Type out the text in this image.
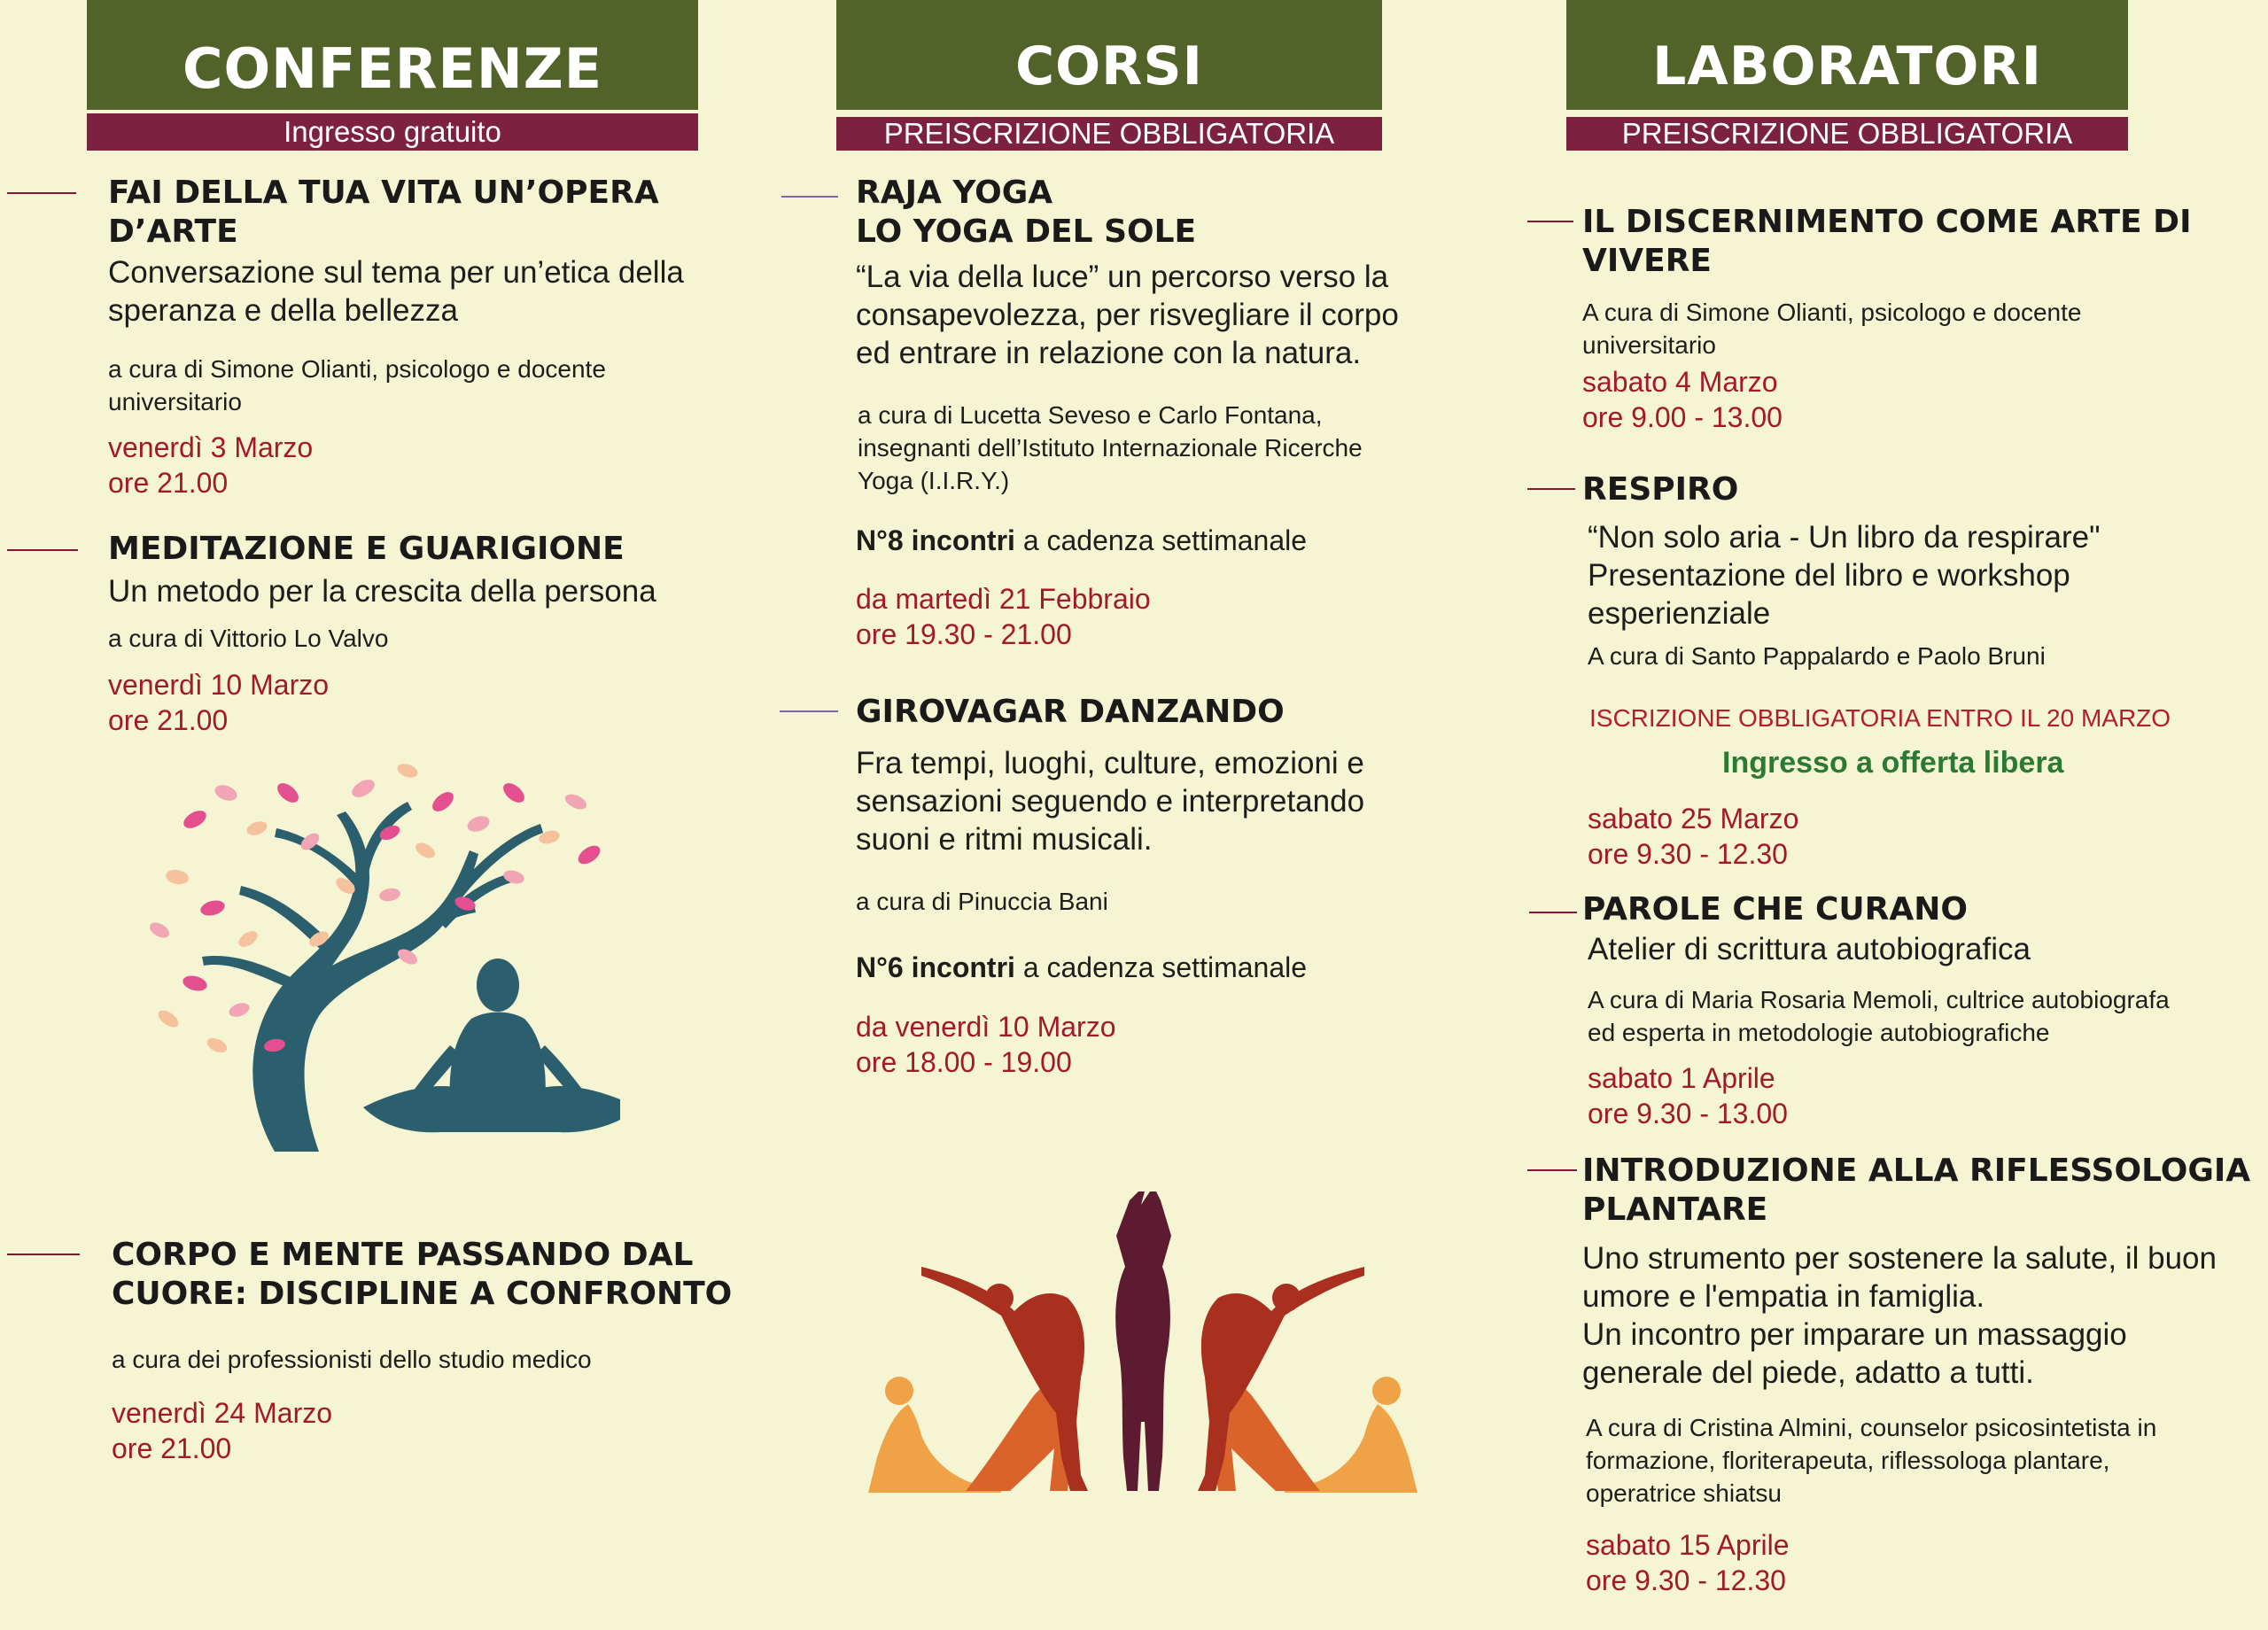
CONFERENZE
Ingresso gratuito
FAI DELLA TUA VITA UN’OPERA
D’ARTE
Conversazione sul tema per un’etica della
speranza e della bellezza
a cura di Simone Olianti, psicologo e docente
universitario
venerdì 3 Marzo
ore 21.00
MEDITAZIONE E GUARIGIONE
Un metodo per la crescita della persona
a cura di Vittorio Lo Valvo
venerdì 10 Marzo
ore 21.00
CORPO E MENTE PASSANDO DAL
CUORE: DISCIPLINE A CONFRONTO
a cura dei professionisti dello studio medico
venerdì 24 Marzo
ore 21.00
CORSI
PREISCRIZIONE OBBLIGATORIA
RAJA YOGA
LO YOGA DEL SOLE
“La via della luce” un percorso verso la
consapevolezza, per risvegliare il corpo
ed entrare in relazione con la natura.
a cura di Lucetta Seveso e Carlo Fontana,
insegnanti dell’Istituto Internazionale Ricerche
Yoga (I.I.R.Y.)
N°8 incontri a cadenza settimanale
da martedì 21 Febbraio
ore 19.30 - 21.00
GIROVAGAR DANZANDO
Fra tempi, luoghi, culture, emozioni e
sensazioni seguendo e interpretando
suoni e ritmi musicali.
a cura di Pinuccia Bani
N°6 incontri a cadenza settimanale
da venerdì 10 Marzo
ore 18.00 - 19.00
LABORATORI
PREISCRIZIONE OBBLIGATORIA
IL DISCERNIMENTO COME ARTE DI
VIVERE
A cura di Simone Olianti, psicologo e docente
universitario
sabato 4 Marzo
ore 9.00 - 13.00
RESPIRO
“Non solo aria - Un libro da respirare"
Presentazione del libro e workshop
esperienziale
A cura di Santo Pappalardo e Paolo Bruni
ISCRIZIONE OBBLIGATORIA ENTRO IL 20 MARZO
Ingresso a offerta libera
sabato 25 Marzo
ore 9.30 - 12.30
PAROLE CHE CURANO
Atelier di scrittura autobiografica
A cura di Maria Rosaria Memoli, cultrice autobiografa
ed esperta in metodologie autobiografiche
sabato 1 Aprile
ore 9.30 - 13.00
INTRODUZIONE ALLA RIFLESSOLOGIA
PLANTARE
Uno strumento per sostenere la salute, il buon
umore e l'empatia in famiglia.
Un incontro per imparare un massaggio
generale del piede, adatto a tutti.
A cura di Cristina Almini, counselor psicosintetista in
formazione, floriterapeuta, riflessologa plantare,
operatrice shiatsu
sabato 15 Aprile
ore 9.30 - 12.30
